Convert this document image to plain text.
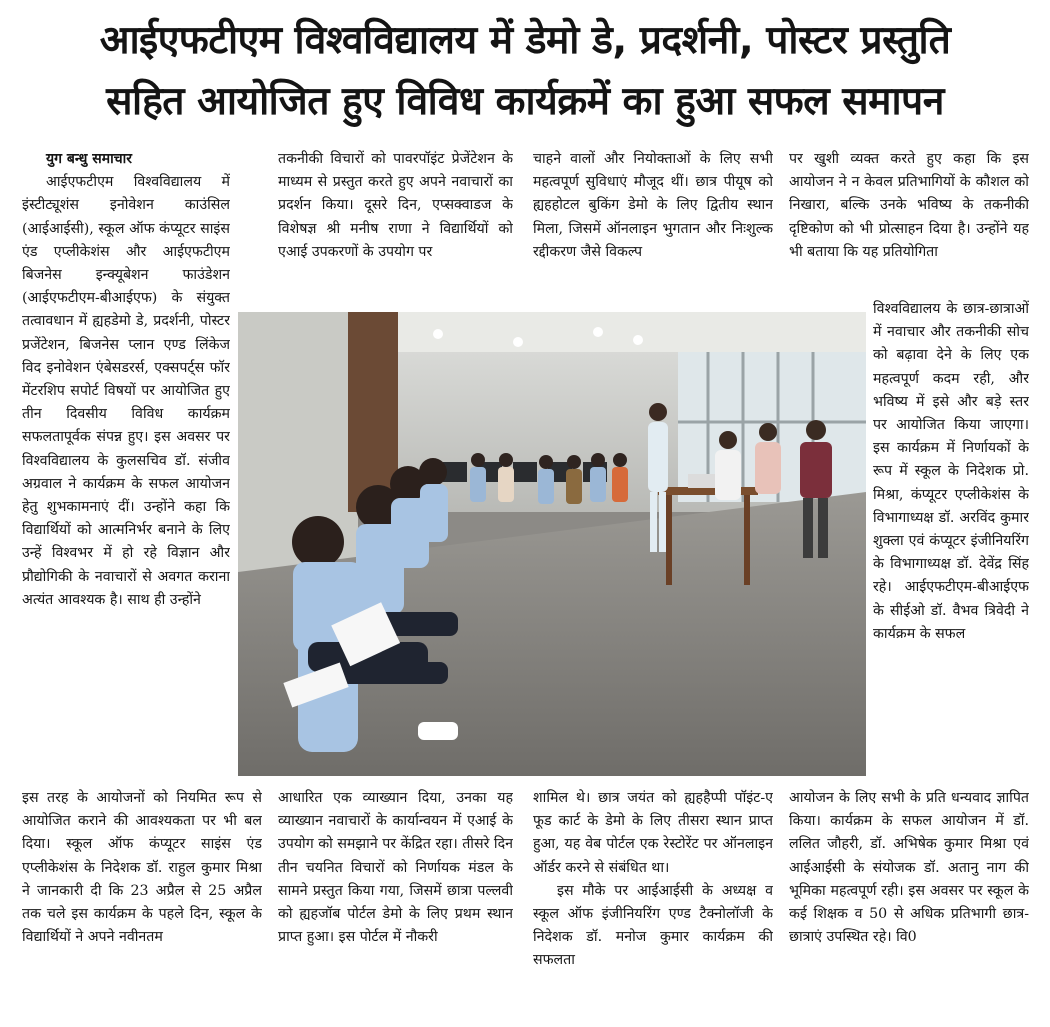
आईएफटीएम विश्वविद्यालय में डेमो डे, प्रदर्शनी, पोस्टर प्रस्तुति
सहित आयोजित हुए विविध कार्यक्रमें का हुआ सफल समापन

युग बन्धु समाचार

आईएफटीएम विश्वविद्यालय में इंस्टीट्यूशंस इनोवेशन काउंसिल (आईआईसी), स्कूल ऑफ कंप्यूटर साइंस एंड एप्लीकेशंस और आईएफटीएम बिजनेस इन्क्यूबेशन फाउंडेशन (आईएफटीएम-बीआईएफ) के संयुक्त तत्वावधान में ह्यहडेमो डे, प्रदर्शनी, पोस्टर प्रजेंटेशन, बिजनेस प्लान एण्ड लिंकेज विद इनोवेशन एंबेसडरर्स, एक्सपर्ट्स फॉर मेंटरशिप सपोर्ट विषयों पर आयोजित हुए तीन दिवसीय विविध कार्यक्रम सफलतापूर्वक संपन्न हुए। इस अवसर पर विश्वविद्यालय के कुलसचिव डॉ. संजीव अग्रवाल ने कार्यक्रम के सफल आयोजन हेतु शुभकामनाएं दीं। उन्होंने कहा कि विद्यार्थियों को आत्मनिर्भर बनाने के लिए उन्हें विश्वभर में हो रहे विज्ञान और प्रौद्योगिकी के नवाचारों से अवगत कराना अत्यंत आवश्यक है। साथ ही उन्होंने

इस तरह के आयोजनों को नियमित रूप से आयोजित कराने की आवश्यकता पर भी बल दिया। स्कूल ऑफ कंप्यूटर साइंस एंड एप्लीकेशंस के निदेशक डॉ. राहुल कुमार मिश्रा ने जानकारी दी कि 23 अप्रैल से 25 अप्रैल तक चले इस कार्यक्रम के पहले दिन, स्कूल के विद्यार्थियों ने अपने नवीनतम

तकनीकी विचारों को पावरपॉइंट प्रेजेंटेशन के माध्यम से प्रस्तुत करते हुए अपने नवाचारों का प्रदर्शन किया। दूसरे दिन, एप्सक्वाडज के विशेषज्ञ श्री मनीष राणा ने विद्यार्थियों को एआई उपकरणों के उपयोग पर

आधारित एक व्याख्यान दिया, उनका यह व्याख्यान नवाचारों के कार्यान्वयन में एआई के उपयोग को समझाने पर केंद्रित रहा। तीसरे दिन तीन चयनित विचारों को निर्णायक मंडल के सामने प्रस्तुत किया गया, जिसमें छात्रा पल्लवी को ह्यहजॉब पोर्टल डेमो के लिए प्रथम स्थान प्राप्त हुआ। इस पोर्टल में नौकरी

चाहने वालों और नियोक्ताओं के लिए सभी महत्वपूर्ण सुविधाएं मौजूद थीं। छात्र पीयूष को ह्यहहोटल बुकिंग डेमो के लिए द्वितीय स्थान मिला, जिसमें ऑनलाइन भुगतान और निःशुल्क रद्दीकरण जैसे विकल्प

शामिल थे। छात्र जयंत को ह्यहहैप्पी पॉइंट-ए फूड कार्ट के डेमो के लिए तीसरा स्थान प्राप्त हुआ, यह वेब पोर्टल एक रेस्टोरेंट पर ऑनलाइन ऑर्डर करने से संबंधित था।

इस मौके पर आईआईसी के अध्यक्ष व स्कूल ऑफ इंजीनियरिंग एण्ड टैक्नोलॉजी के निदेशक डॉ. मनोज कुमार कार्यक्रम की सफलता

पर खुशी व्यक्त करते हुए कहा कि इस आयोजन ने न केवल प्रतिभागियों के कौशल को निखारा, बल्कि उनके भविष्य के तकनीकी दृष्टिकोण को भी प्रोत्साहन दिया है। उन्होंने यह भी बताया कि यह प्रतियोगिता

विश्वविद्यालय के छात्र-छात्राओं में नवाचार और तकनीकी सोच को बढ़ावा देने के लिए एक महत्वपूर्ण कदम रही, और भविष्य में इसे और बड़े स्तर पर आयोजित किया जाएगा। इस कार्यक्रम में निर्णायकों के रूप में स्कूल के निदेशक प्रो. मिश्रा, कंप्यूटर एप्लीकेशंस के विभागाध्यक्ष डॉ. अरविंद कुमार शुक्ला एवं कंप्यूटर इंजीनियरिंग के विभागाध्यक्ष डॉ. देवेंद्र सिंह रहे। आईएफटीएम-बीआईएफ के सीईओ डॉ. वैभव त्रिवेदी ने कार्यक्रम के सफल

आयोजन के लिए सभी के प्रति धन्यवाद ज्ञापित किया। कार्यक्रम के सफल आयोजन में डॉ. ललित जौहरी, डॉ. अभिषेक कुमार मिश्रा एवं आईआईसी के संयोजक डॉ. अतानु नाग की भूमिका महत्वपूर्ण रही। इस अवसर पर स्कूल के कई शिक्षक व 50 से अधिक प्रतिभागी छात्र-छात्राएं उपस्थित रहे। वि0
